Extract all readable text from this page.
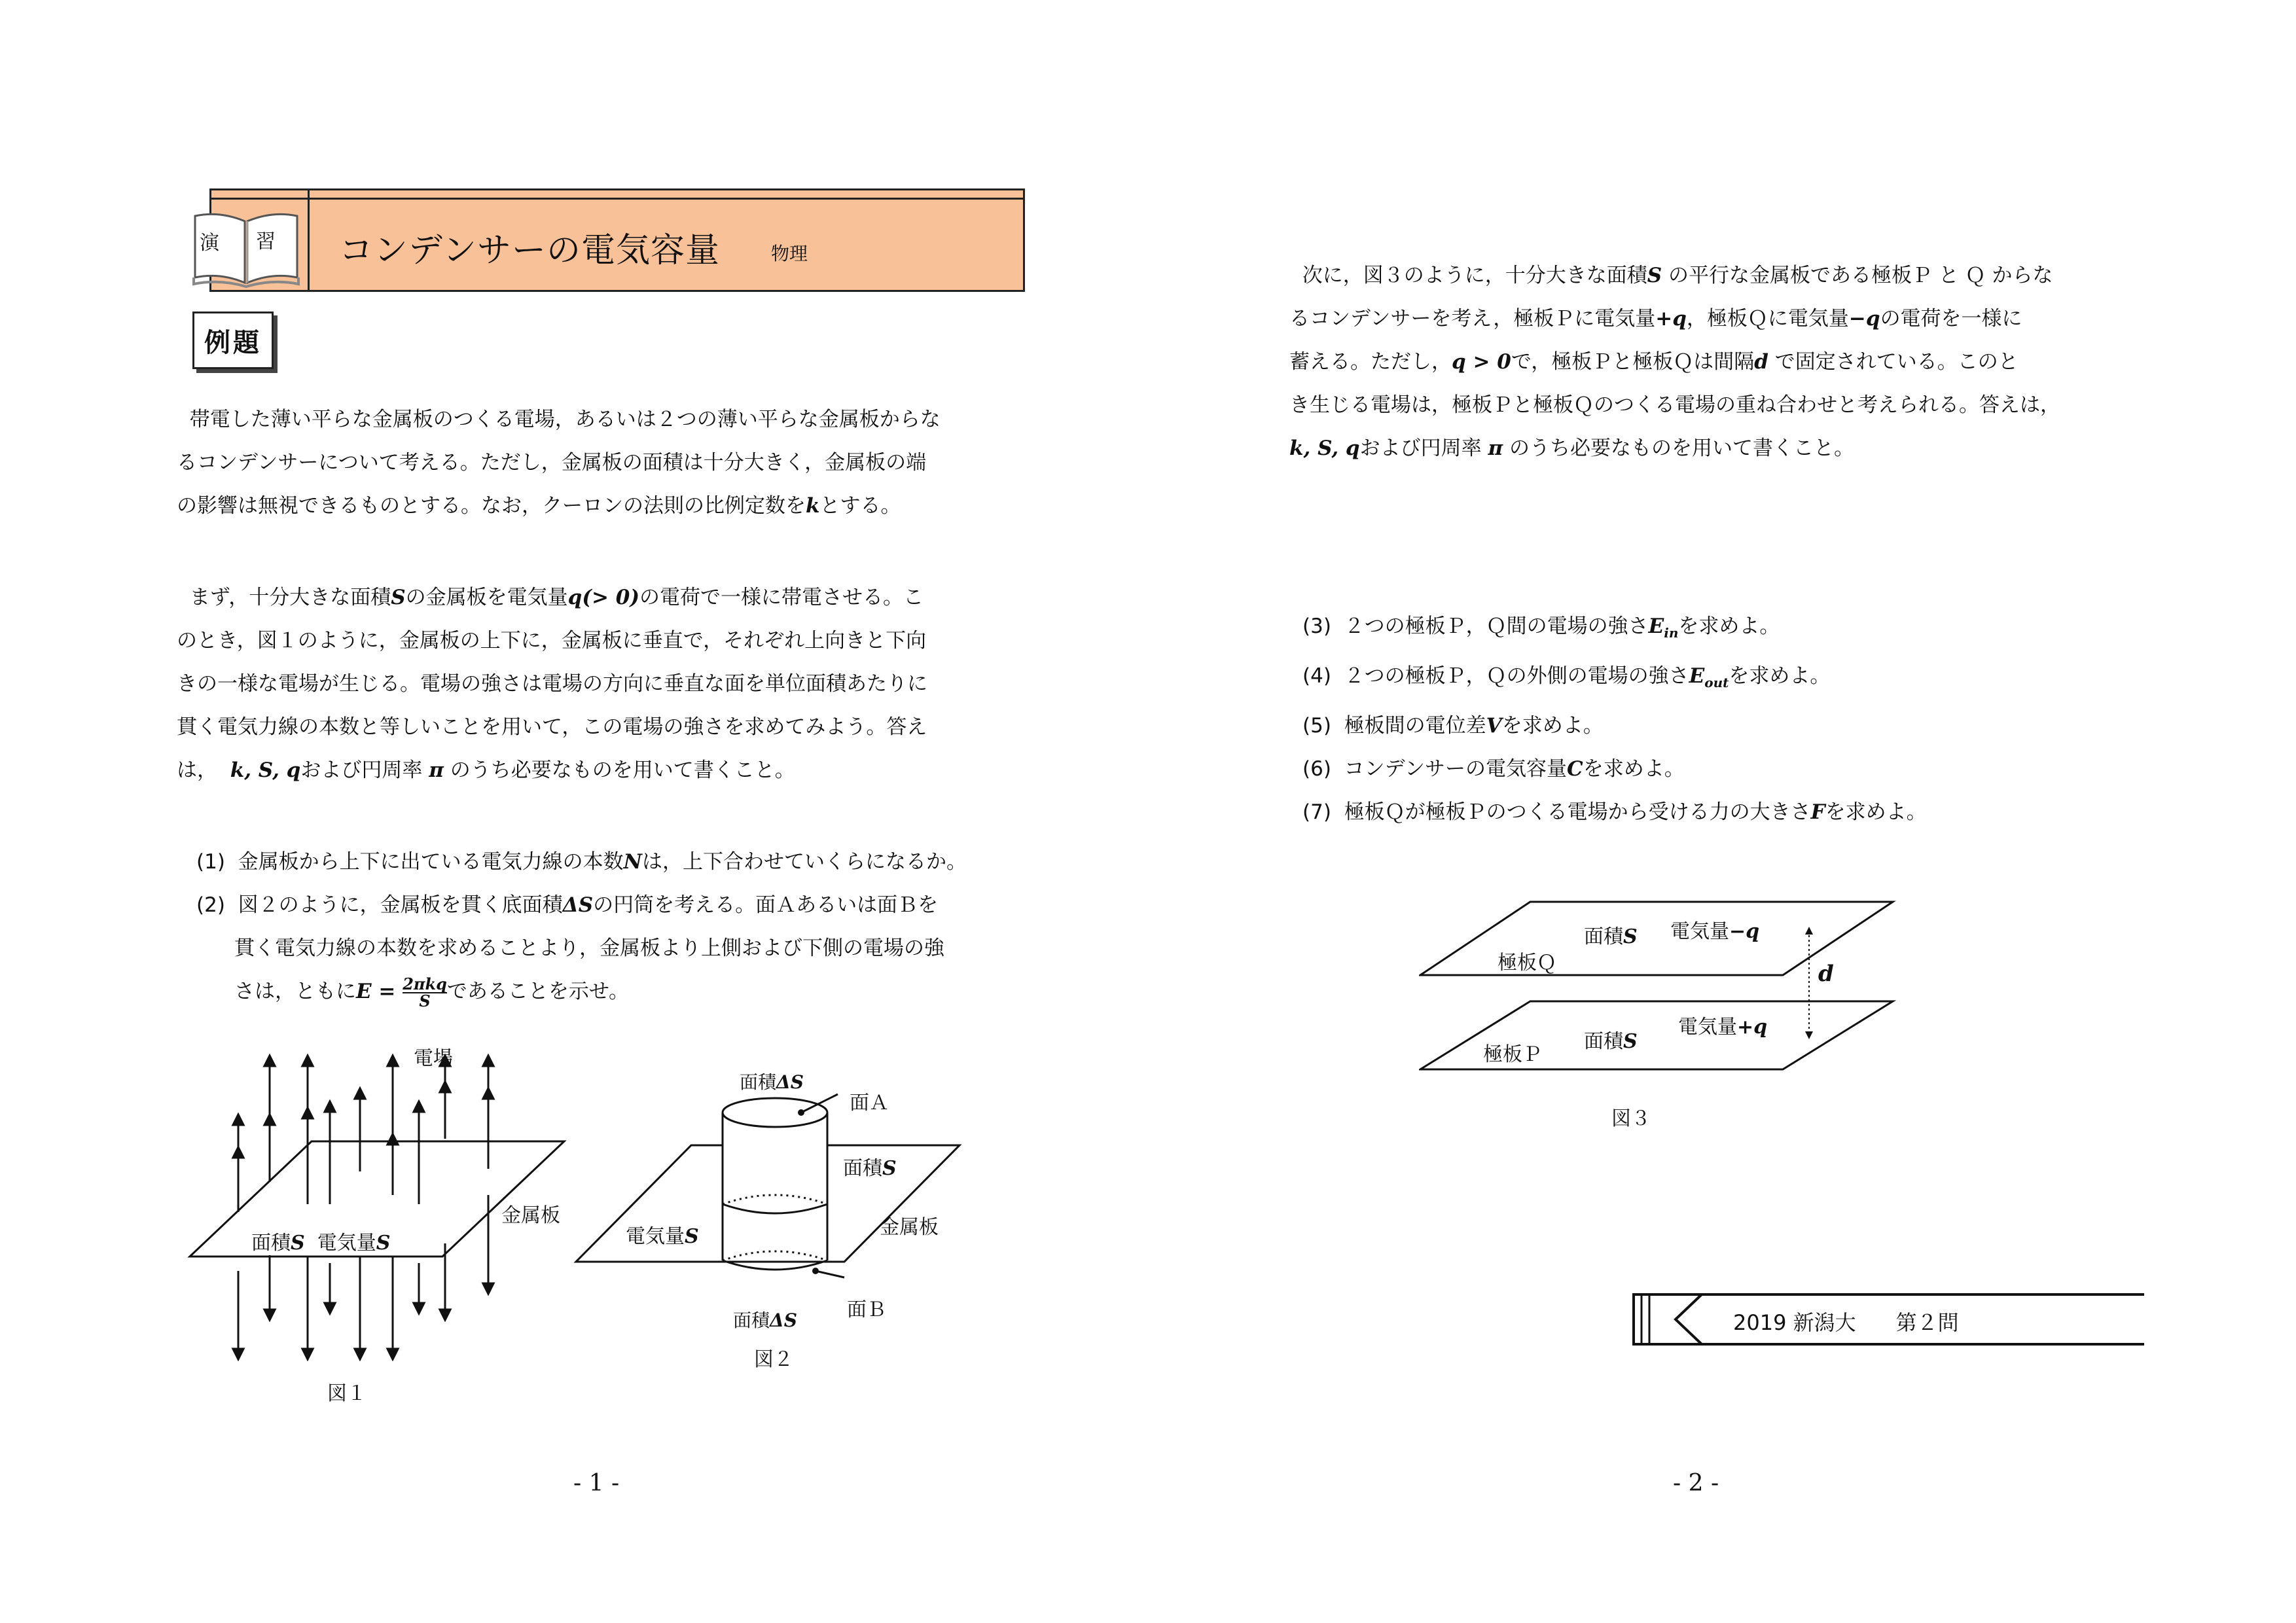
演 習 コンデンサーの電気容量	物理
例題

帯電した薄い平らな金属板のつくる電場，あるいは２つの薄い平らな金属板からな

るコンデンサーについて考える。ただし，金属板の面積は十分大きく，金属板の端

の影響は無視できるものとする。なお，クーロンの法則の比例定数をkとする。

まず，十分大きな面積Sの金属板を電気量q(> 0)の電荷で一様に帯電させる。こ

のとき，図１のように，金属板の上下に，金属板に垂直で，それぞれ上向きと下向

きの一様な電場が生じる。電場の強さは電場の方向に垂直な面を単位面積あたりに

貫く電気力線の本数と等しいことを用いて，この電場の強さを求めてみよう。答え

は， k, S, qおよび円周率 π のうち必要なものを用いて書くこと。

(1) 金属板から上下に出ている電気力線の本数Nは，上下合わせていくらになるか。

(2) 図２のように，金属板を貫く底面積ΔSの円筒を考える。面Ａあるいは面Ｂを

貫く電気力線の本数を求めることより，金属板より上側および下側の電場の強

さは，ともにE = 2πkq
S であることを示せ。

電場
面積S 電気量S
金属板
図１
面積ΔS
面Ａ
面積S
電気量S	金属板
面積ΔS	面Ｂ
図２
- 1 -

次に，図３のように，十分大きな面積S の平行な金属板である極板Ｐ と Ｑ からな

るコンデンサーを考え，極板Ｐに電気量+q，極板Ｑに電気量−qの電荷を一様に

蓄える。ただし，q > 0で，極板Ｐと極板Ｑは間隔d で固定されている。このと

き生じる電場は，極板Ｐと極板Ｑのつくる電場の重ね合わせと考えられる。答えは，

k, S, qおよび円周率 π のうち必要なものを用いて書くこと。

(3) ２つの極板Ｐ，Ｑ間の電場の強さ$E_{in}$を求めよ。

(4) ２つの極板Ｐ，Ｑの外側の電場の強さ$E_{out}$を求めよ。

(5) 極板間の電位差Vを求めよ。

(6) コンデンサーの電気容量Cを求めよ。

(7) 極板Ｑが極板Ｐのつくる電場から受ける力の大きさFを求めよ。

極板Ｑ
面積S 電気量−q
d
極板Ｐ
面積S
電気量+q
図３
2019 新潟大 第２問
- 2 -
